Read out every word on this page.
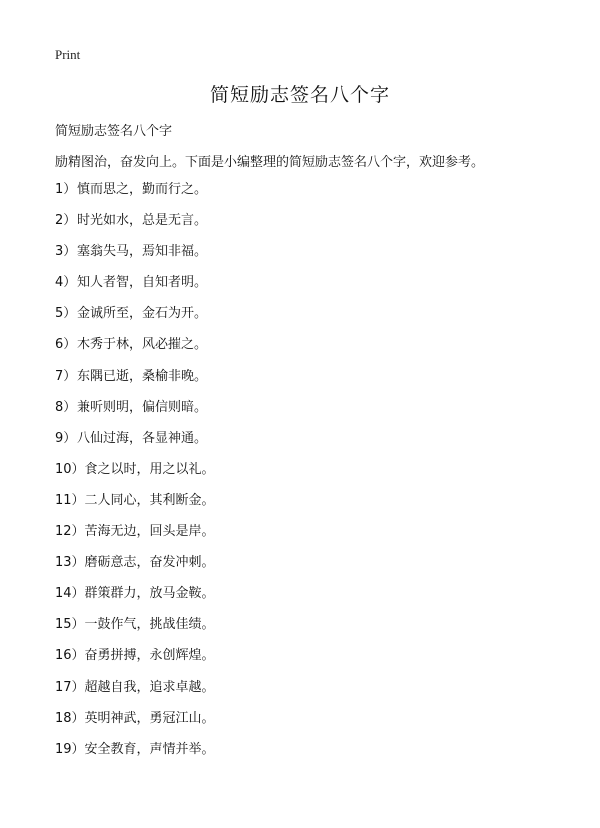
Print
简短励志签名八个字
简短励志签名八个字
励精图治，奋发向上。下面是小编整理的简短励志签名八个字，欢迎参考。
1）慎而思之，勤而行之。
2）时光如水，总是无言。
3）塞翁失马，焉知非福。
4）知人者智，自知者明。
5）金诚所至，金石为开。
6）木秀于林，风必摧之。
7）东隅已逝，桑榆非晚。
8）兼听则明，偏信则暗。
9）八仙过海，各显神通。
10）食之以时，用之以礼。
11）二人同心，其利断金。
12）苦海无边，回头是岸。
13）磨砺意志，奋发冲刺。
14）群策群力，放马金鞍。
15）一鼓作气，挑战佳绩。
16）奋勇拼搏，永创辉煌。
17）超越自我，追求卓越。
18）英明神武，勇冠江山。
19）安全教育，声情并举。
